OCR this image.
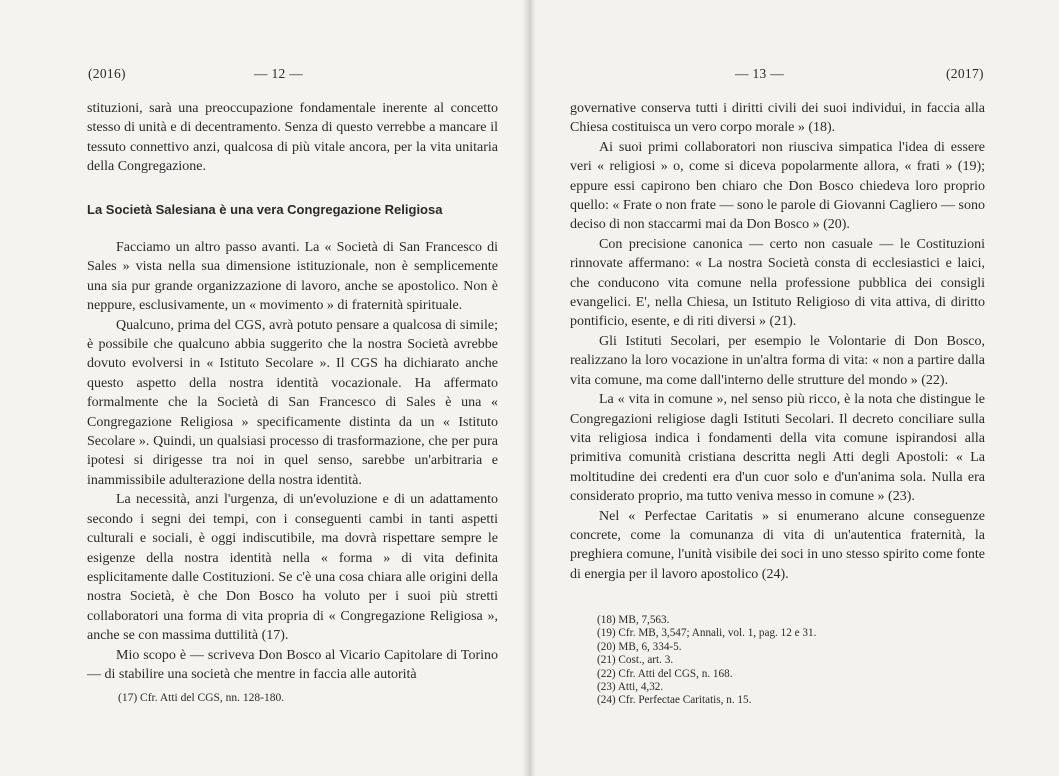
(2016)	— 12 —

stituzioni, sarà una preoccupazione fondamentale inerente al concetto stesso di unità e di decentramento. Senza di questo verrebbe a mancare il tessuto connettivo anzi, qualcosa di più vitale ancora, per la vita unitaria della Congregazione.

La Società Salesiana è una vera Congregazione Religiosa

Facciamo un altro passo avanti. La « Società di San Francesco di Sales » vista nella sua dimensione istituzionale, non è semplicemente una sia pur grande organizzazione di lavoro, anche se apostolico. Non è neppure, esclusivamente, un « movimento » di fraternità spirituale.

Qualcuno, prima del CGS, avrà potuto pensare a qualcosa di simile; è possibile che qualcuno abbia suggerito che la nostra Società avrebbe dovuto evolversi in « Istituto Secolare ». Il CGS ha dichiarato anche questo aspetto della nostra identità vocazionale. Ha affermato formalmente che la Società di San Francesco di Sales è una « Congregazione Religiosa » specificamente distinta da un « Istituto Secolare ». Quindi, un qualsiasi processo di trasformazione, che per pura ipotesi si dirigesse tra noi in quel senso, sarebbe un'arbitraria e inammissibile adulterazione della nostra identità.

La necessità, anzi l'urgenza, di un'evoluzione e di un adattamento secondo i segni dei tempi, con i conseguenti cambi in tanti aspetti culturali e sociali, è oggi indiscutibile, ma dovrà rispettare sempre le esigenze della nostra identità nella « forma » di vita definita esplicitamente dalle Costituzioni. Se c'è una cosa chiara alle origini della nostra Società, è che Don Bosco ha voluto per i suoi più stretti collaboratori una forma di vita propria di « Congregazione Religiosa », anche se con massima duttilità (17).

Mio scopo è — scriveva Don Bosco al Vicario Capitolare di Torino — di stabilire una società che mentre in faccia alle autorità

(17) Cfr. Atti del CGS, nn. 128-180.
— 13 —	(2017)

governative conserva tutti i diritti civili dei suoi individui, in faccia alla Chiesa costituisca un vero corpo morale » (18).

Ai suoi primi collaboratori non riusciva simpatica l'idea di essere veri « religiosi » o, come si diceva popolarmente allora, « frati » (19); eppure essi capirono ben chiaro che Don Bosco chiedeva loro proprio quello: « Frate o non frate — sono le parole di Giovanni Cagliero — sono deciso di non staccarmi mai da Don Bosco » (20).

Con precisione canonica — certo non casuale — le Costituzioni rinnovate affermano: « La nostra Società consta di ecclesiastici e laici, che conducono vita comune nella professione pubblica dei consigli evangelici. E', nella Chiesa, un Istituto Religioso di vita attiva, di diritto pontificio, esente, e di riti diversi » (21).

Gli Istituti Secolari, per esempio le Volontarie di Don Bosco, realizzano la loro vocazione in un'altra forma di vita: « non a partire dalla vita comune, ma come dall'interno delle strutture del mondo » (22).

La « vita in comune », nel senso più ricco, è la nota che distingue le Congregazioni religiose dagli Istituti Secolari. Il decreto conciliare sulla vita religiosa indica i fondamenti della vita comune ispirandosi alla primitiva comunità cristiana descritta negli Atti degli Apostoli: « La moltitudine dei credenti era d'un cuor solo e d'un'anima sola. Nulla era considerato proprio, ma tutto veniva messo in comune » (23).

Nel « Perfectae Caritatis » si enumerano alcune conseguenze concrete, come la comunanza di vita di un'autentica fraternità, la preghiera comune, l'unità visibile dei soci in uno stesso spirito come fonte di energia per il lavoro apostolico (24).

(18) MB, 7,563.
(19) Cfr. MB, 3,547; Annali, vol. 1, pag. 12 e 31.
(20) MB, 6, 334-5.
(21) Cost., art. 3.
(22) Cfr. Atti del CGS, n. 168.
(23) Atti, 4,32.
(24) Cfr. Perfectae Caritatis, n. 15.
